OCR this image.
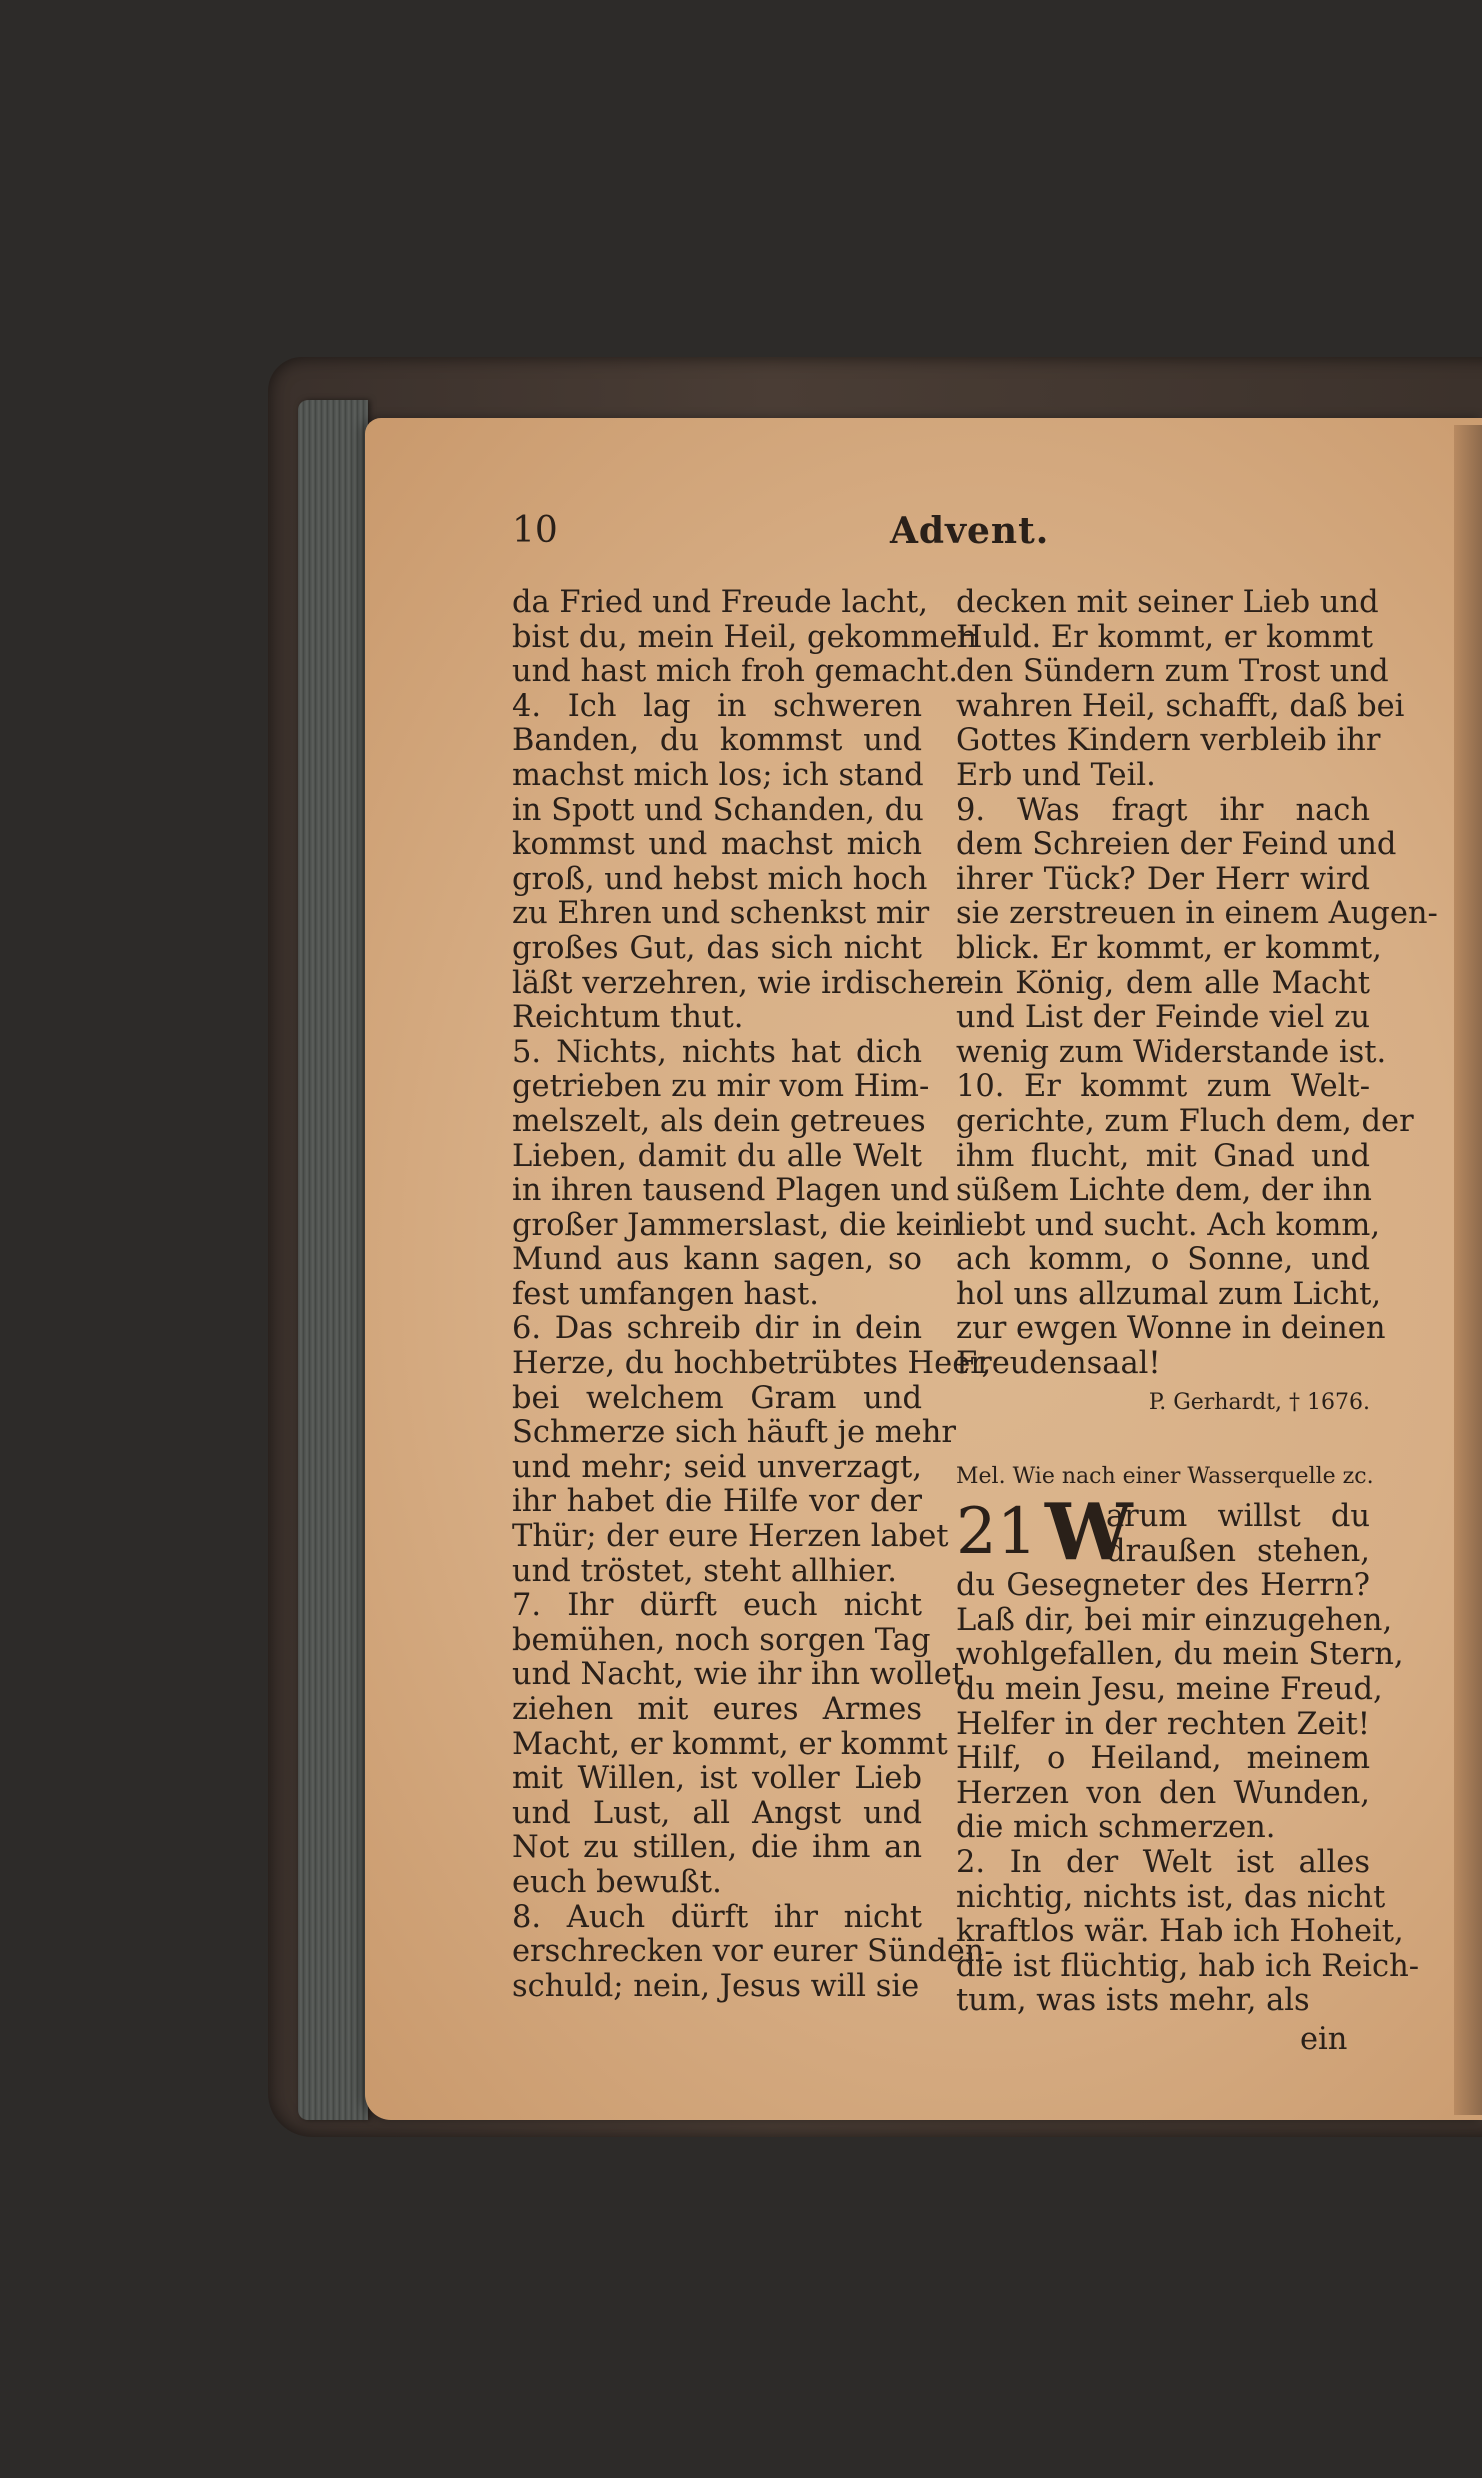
10	Advent.
da Fried und Freude lacht,
bist du, mein Heil, gekommen
und hast mich froh gemacht.
4. Ich lag in schweren
Banden, du kommst und
machst mich los; ich stand
in Spott und Schanden, du
kommst und machst mich
groß, und hebst mich hoch
zu Ehren und schenkst mir
großes Gut, das sich nicht
läßt verzehren, wie irdischer
Reichtum thut.
5. Nichts, nichts hat dich
getrieben zu mir vom Him-
melszelt, als dein getreues
Lieben, damit du alle Welt
in ihren tausend Plagen und
großer Jammerslast, die kein
Mund aus kann sagen, so
fest umfangen hast.
6. Das schreib dir in dein
Herze, du hochbetrübtes Heer,
bei welchem Gram und
Schmerze sich häuft je mehr
und mehr; seid unverzagt,
ihr habet die Hilfe vor der
Thür; der eure Herzen labet
und tröstet, steht allhier.
7. Ihr dürft euch nicht
bemühen, noch sorgen Tag
und Nacht, wie ihr ihn wollet
ziehen mit eures Armes
Macht, er kommt, er kommt
mit Willen, ist voller Lieb
und Lust, all Angst und
Not zu stillen, die ihm an
euch bewußt.
8. Auch dürft ihr nicht
erschrecken vor eurer Sünden-
schuld; nein, Jesus will sie
decken mit seiner Lieb und
Huld. Er kommt, er kommt
den Sündern zum Trost und
wahren Heil, schafft, daß bei
Gottes Kindern verbleib ihr
Erb und Teil.
9. Was fragt ihr nach
dem Schreien der Feind und
ihrer Tück? Der Herr wird
sie zerstreuen in einem Augen-
blick. Er kommt, er kommt,
ein König, dem alle Macht
und List der Feinde viel zu
wenig zum Widerstande ist.
10. Er kommt zum Welt-
gerichte, zum Fluch dem, der
ihm flucht, mit Gnad und
süßem Lichte dem, der ihn
liebt und sucht. Ach komm,
ach komm, o Sonne, und
hol uns allzumal zum Licht,
zur ewgen Wonne in deinen
Freudensaal!
P. Gerhardt, † 1676.
Mel. Wie nach einer Wasserquelle zc.
21 W
arum willst du
draußen stehen,
du Gesegneter des Herrn?
Laß dir, bei mir einzugehen,
wohlgefallen, du mein Stern,
du mein Jesu, meine Freud,
Helfer in der rechten Zeit!
Hilf, o Heiland, meinem
Herzen von den Wunden,
die mich schmerzen.
2. In der Welt ist alles
nichtig, nichts ist, das nicht
kraftlos wär. Hab ich Hoheit,
die ist flüchtig, hab ich Reich-
tum, was ists mehr, als
ein
